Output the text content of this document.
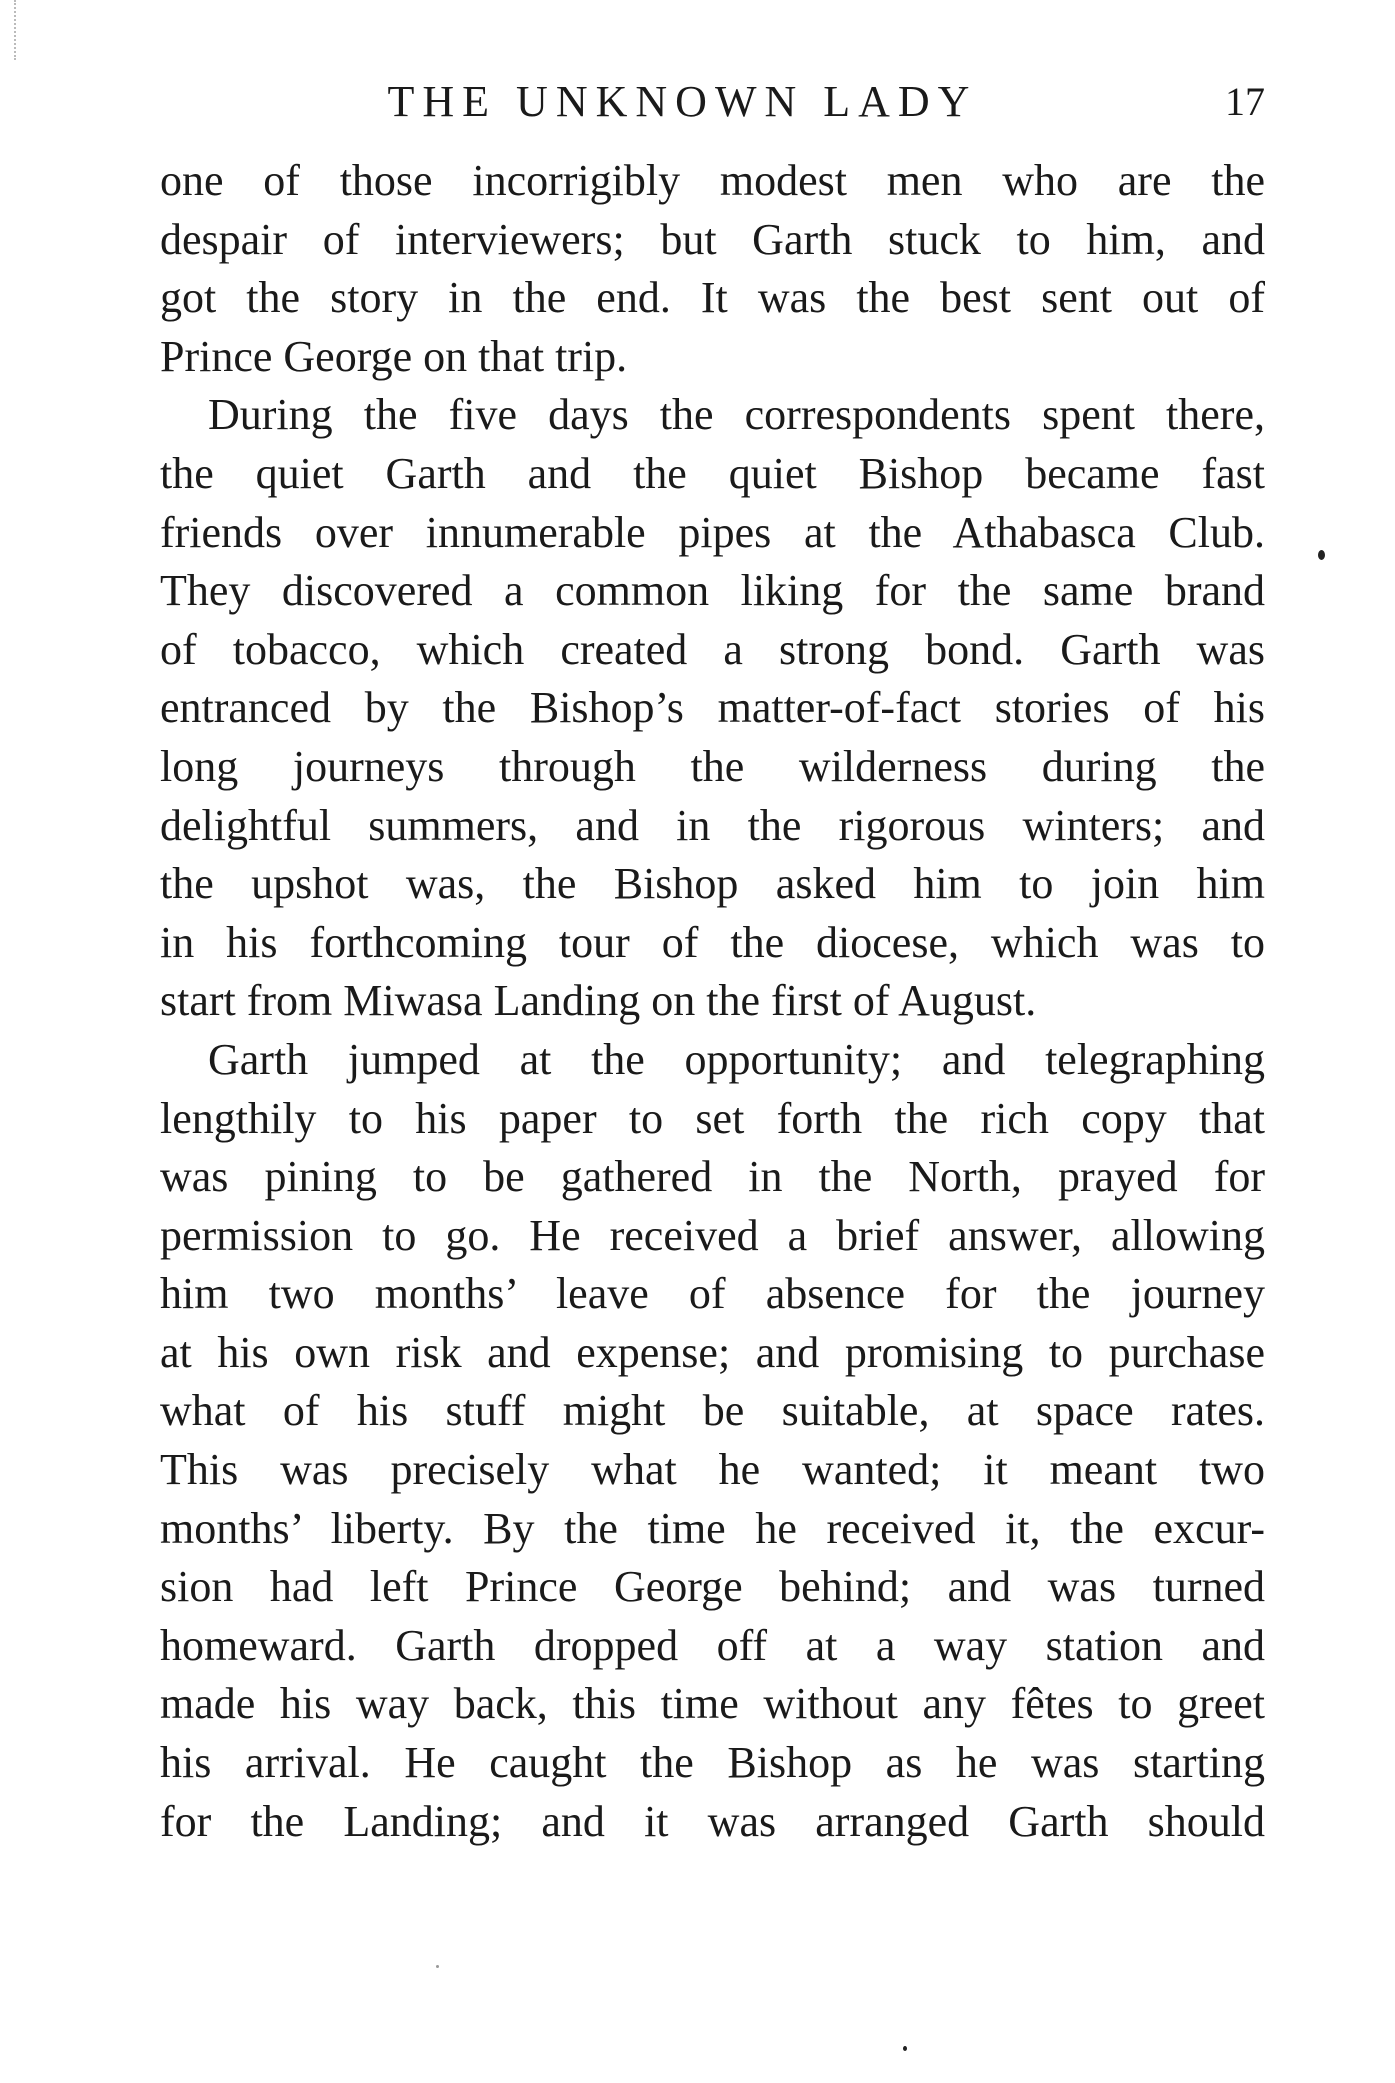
THE UNKNOWN LADY	17
one of those incorrigibly modest men who are the
despair of interviewers; but Garth stuck to him, and
got the story in the end. It was the best sent out of
Prince George on that trip.
During the five days the correspondents spent there,
the quiet Garth and the quiet Bishop became fast
friends over innumerable pipes at the Athabasca Club.
They discovered a common liking for the same brand
of tobacco, which created a strong bond. Garth was
entranced by the Bishop’s matter-of-fact stories of his
long journeys through the wilderness during the
delightful summers, and in the rigorous winters; and
the upshot was, the Bishop asked him to join him
in his forthcoming tour of the diocese, which was to
start from Miwasa Landing on the first of August.
Garth jumped at the opportunity; and telegraphing
lengthily to his paper to set forth the rich copy that
was pining to be gathered in the North, prayed for
permission to go. He received a brief answer, allowing
him two months’ leave of absence for the journey
at his own risk and expense; and promising to purchase
what of his stuff might be suitable, at space rates.
This was precisely what he wanted; it meant two
months’ liberty. By the time he received it, the excur-
sion had left Prince George behind; and was turned
homeward. Garth dropped off at a way station and
made his way back, this time without any fêtes to greet
his arrival. He caught the Bishop as he was starting
for the Landing; and it was arranged Garth should
